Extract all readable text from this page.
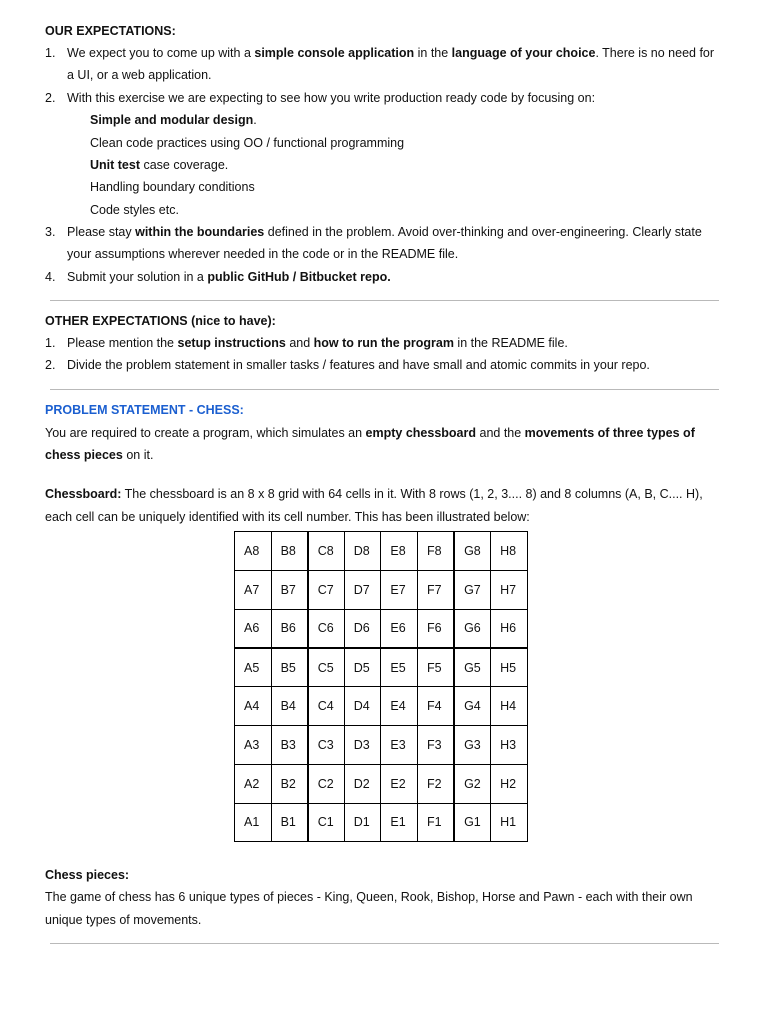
OUR EXPECTATIONS:
1. We expect you to come up with a simple console application in the language of your choice. There is no need for
a UI, or a web application.
2. With this exercise we are expecting to see how you write production ready code by focusing on:
Simple and modular design.
Clean code practices using OO / functional programming
Unit test case coverage.
Handling boundary conditions
Code styles etc.
3. Please stay within the boundaries defined in the problem. Avoid over-thinking and over-engineering. Clearly state
your assumptions wherever needed in the code or in the README file.
4. Submit your solution in a public GitHub / Bitbucket repo.
OTHER EXPECTATIONS (nice to have):
1. Please mention the setup instructions and how to run the program in the README file.
2. Divide the problem statement in smaller tasks / features and have small and atomic commits in your repo.
PROBLEM STATEMENT - CHESS:
You are required to create a program, which simulates an empty chessboard and the movements of three types of
chess pieces on it.
Chessboard: The chessboard is an 8 x 8 grid with 64 cells in it. With 8 rows (1, 2, 3.... 8) and 8 columns (A, B, C.... H),
each cell can be uniquely identified with its cell number. This has been illustrated below:
A8	B8	C8	D8	E8	F8	G8	H8
A7	B7	C7	D7	E7	F7	G7	H7
A6	B6	C6	D6	E6	F6	G6	H6
A5	B5	C5	D5	E5	F5	G5	H5
A4	B4	C4	D4	E4	F4	G4	H4
A3	B3	C3	D3	E3	F3	G3	H3
A2	B2	C2	D2	E2	F2	G2	H2
A1	B1	C1	D1	E1	F1	G1	H1
Chess pieces:
The game of chess has 6 unique types of pieces - King, Queen, Rook, Bishop, Horse and Pawn - each with their own
unique types of movements.
